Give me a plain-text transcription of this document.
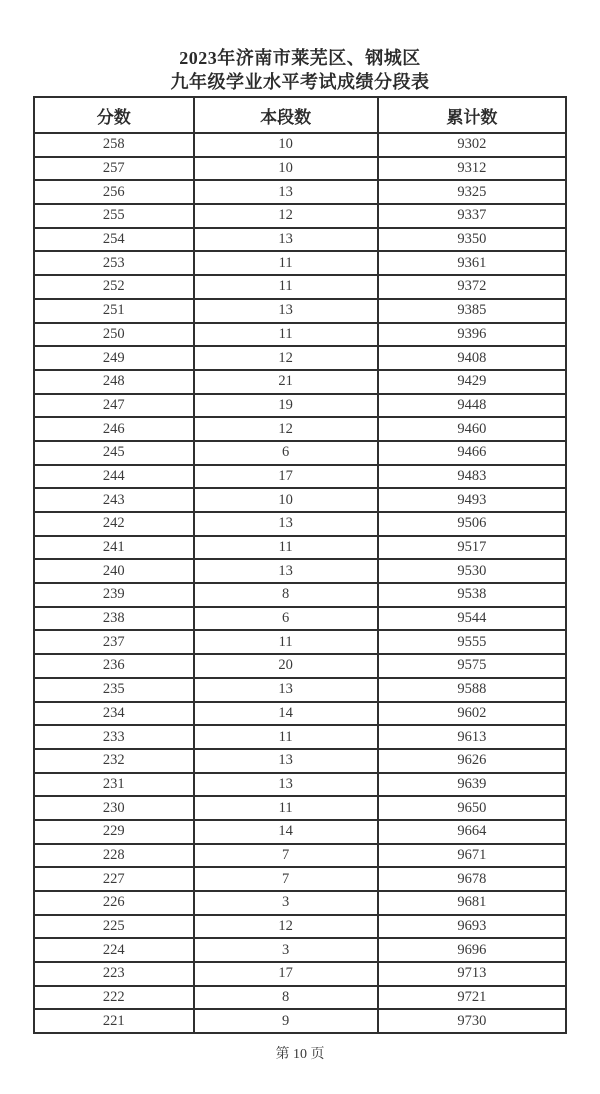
2023年济南市莱芜区、钢城区
九年级学业水平考试成绩分段表
分数	本段数	累计数
258	10	9302
257	10	9312
256	13	9325
255	12	9337
254	13	9350
253	11	9361
252	11	9372
251	13	9385
250	11	9396
249	12	9408
248	21	9429
247	19	9448
246	12	9460
245	6	9466
244	17	9483
243	10	9493
242	13	9506
241	11	9517
240	13	9530
239	8	9538
238	6	9544
237	11	9555
236	20	9575
235	13	9588
234	14	9602
233	11	9613
232	13	9626
231	13	9639
230	11	9650
229	14	9664
228	7	9671
227	7	9678
226	3	9681
225	12	9693
224	3	9696
223	17	9713
222	8	9721
221	9	9730
第 10 页
